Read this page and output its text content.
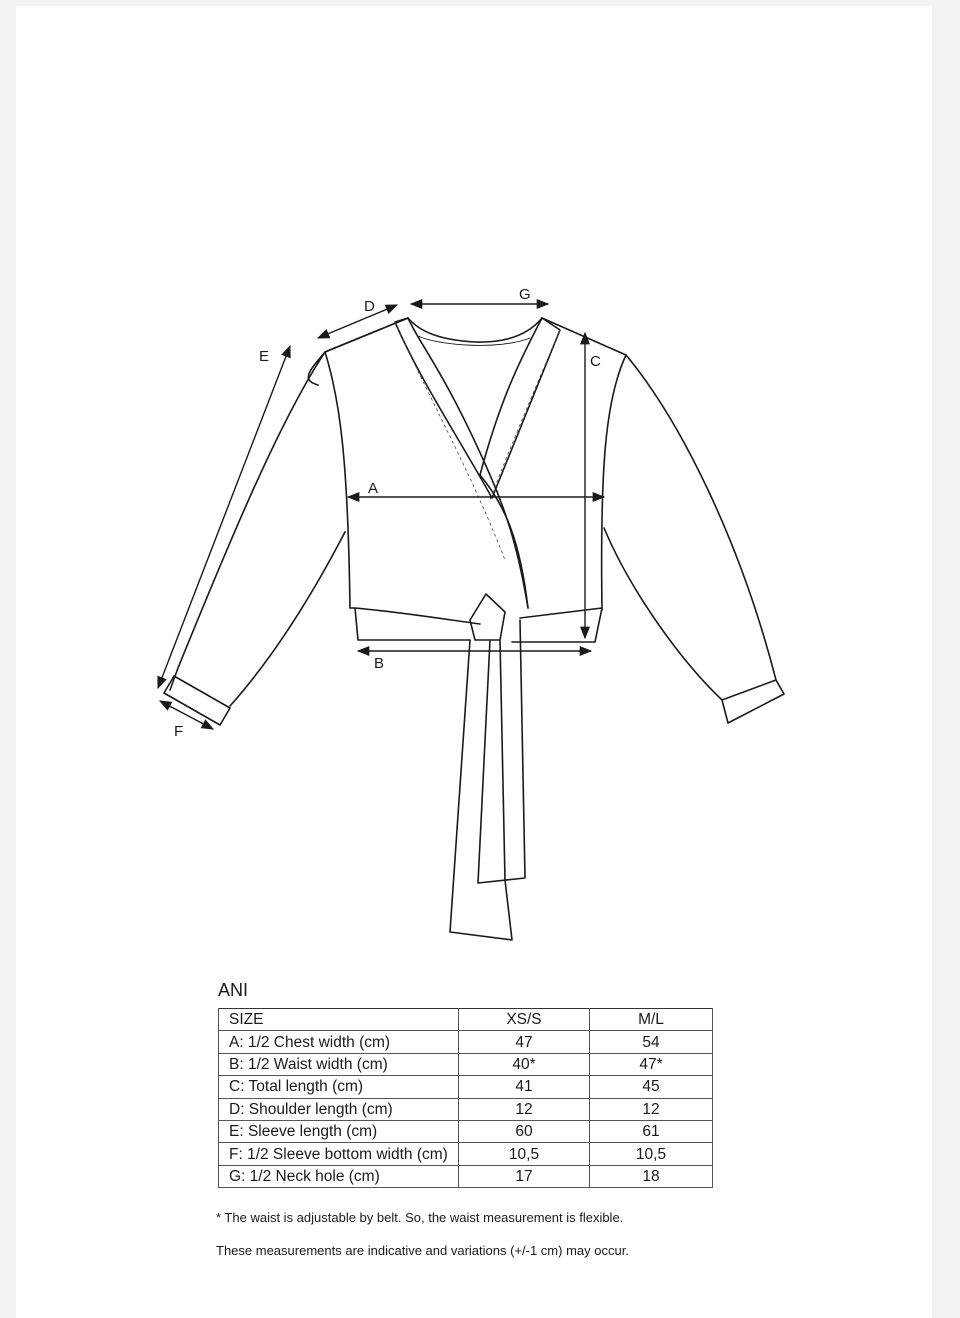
A
B
C
D
E
F
G
ANI
SIZE	XS/S	M/L
A: 1/2 Chest width (cm)	47	54
B: 1/2 Waist width (cm)	40*	47*
C: Total length (cm)	41	45
D: Shoulder length (cm)	12	12
E: Sleeve length (cm)	60	61
F: 1/2 Sleeve bottom width (cm)	10,5	10,5
G: 1/2 Neck hole (cm)	17	18
* The waist is adjustable by belt. So, the waist measurement is flexible.
These measurements are indicative and variations (+/-1 cm) may occur.
